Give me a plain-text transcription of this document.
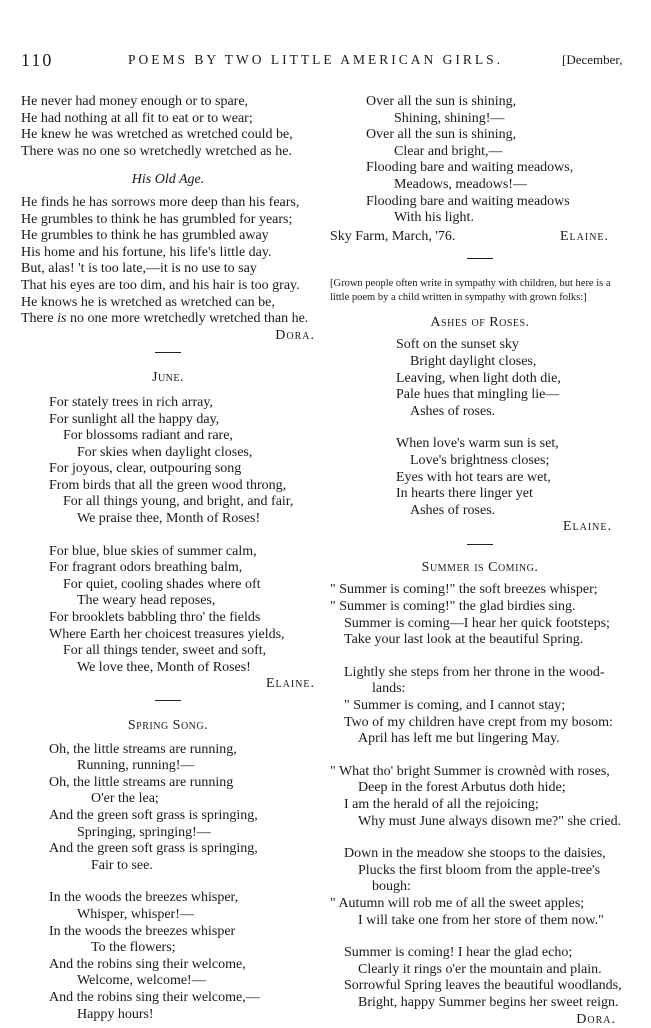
110	POEMS BY TWO LITTLE AMERICAN GIRLS.	[December,
He never had money enough or to spare,
He had nothing at all fit to eat or to wear;
He knew he was wretched as wretched could be,
There was no one so wretchedly wretched as he.
His Old Age.
He finds he has sorrows more deep than his fears,
He grumbles to think he has grumbled for years;
He grumbles to think he has grumbled away
His home and his fortune, his life's little day.
But, alas! 't is too late,—it is no use to say
That his eyes are too dim, and his hair is too gray.
He knows he is wretched as wretched can be,
There is no one more wretchedly wretched than he.
Dora.
June.
For stately trees in rich array,
For sunlight all the happy day,
For blossoms radiant and rare,
For skies when daylight closes,
For joyous, clear, outpouring song
From birds that all the green wood throng,
For all things young, and bright, and fair,
We praise thee, Month of Roses!
For blue, blue skies of summer calm,
For fragrant odors breathing balm,
For quiet, cooling shades where oft
The weary head reposes,
For brooklets babbling thro' the fields
Where Earth her choicest treasures yields,
For all things tender, sweet and soft,
We love thee, Month of Roses!
Elaine.
Spring Song.
Oh, the little streams are running,
Running, running!—
Oh, the little streams are running
O'er the lea;
And the green soft grass is springing,
Springing, springing!—
And the green soft grass is springing,
Fair to see.
In the woods the breezes whisper,
Whisper, whisper!—
In the woods the breezes whisper
To the flowers;
And the robins sing their welcome,
Welcome, welcome!—
And the robins sing their welcome,—
Happy hours!
Over all the sun is shining,
Shining, shining!—
Over all the sun is shining,
Clear and bright,—
Flooding bare and waiting meadows,
Meadows, meadows!—
Flooding bare and waiting meadows
With his light.
Sky Farm, March, '76.	Elaine.
[Grown people often write in sympathy with children, but here is a
little poem by a child written in sympathy with grown folks:]
Ashes of Roses.
Soft on the sunset sky
Bright daylight closes,
Leaving, when light doth die,
Pale hues that mingling lie—
Ashes of roses.
When love's warm sun is set,
Love's brightness closes;
Eyes with hot tears are wet,
In hearts there linger yet
Ashes of roses.
Elaine.
Summer is Coming.
" Summer is coming!" the soft breezes whisper;
" Summer is coming!" the glad birdies sing.
Summer is coming—I hear her quick footsteps;
Take your last look at the beautiful Spring.
Lightly she steps from her throne in the wood-
lands:
" Summer is coming, and I cannot stay;
Two of my children have crept from my bosom:
April has left me but lingering May.
" What tho' bright Summer is crownèd with roses,
Deep in the forest Arbutus doth hide;
I am the herald of all the rejoicing;
Why must June always disown me?" she cried.
Down in the meadow she stoops to the daisies,
Plucks the first bloom from the apple-tree's
bough:
" Autumn will rob me of all the sweet apples;
I will take one from her store of them now."
Summer is coming! I hear the glad echo;
Clearly it rings o'er the mountain and plain.
Sorrowful Spring leaves the beautiful woodlands,
Bright, happy Summer begins her sweet reign.
Dora.
